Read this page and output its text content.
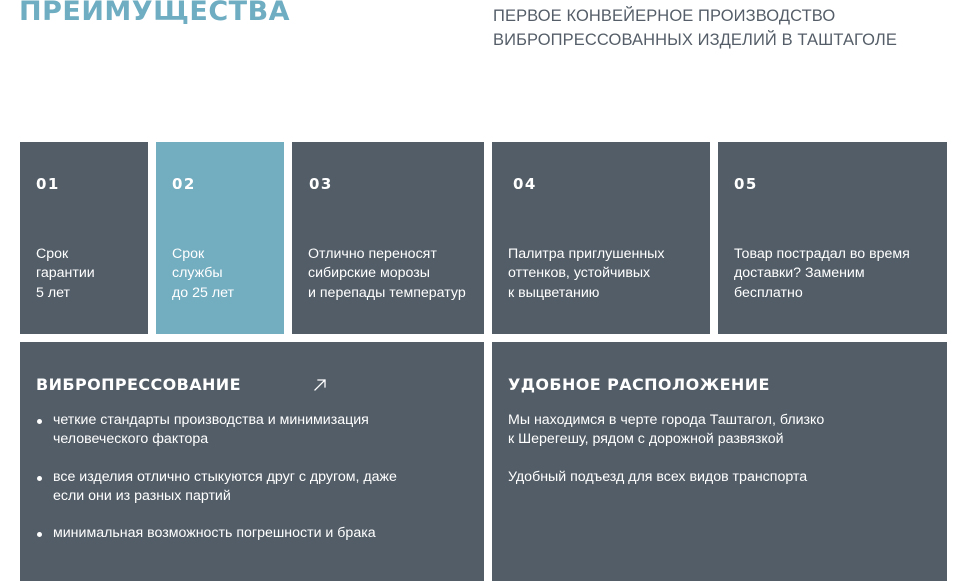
ПРЕИМУЩЕСТВА	ПЕРВОЕ КОНВЕЙЕРНОЕ ПРОИЗВОДСТВО ВИБРОПРЕССОВАННЫХ ИЗДЕЛИЙ В ТАШТАГОЛЕ
01
Срок
гарантии
5 лет
02
Срок
службы
до 25 лет
03
Отлично переносят
сибирские морозы
и перепады температур
04
Палитра приглушенных
оттенков, устойчивых
к выцветанию
05
Товар пострадал во время
доставки? Заменим
бесплатно
ВИБРОПРЕССОВАНИЕ
четкие стандарты производства и минимизация
человеческого фактора
все изделия отлично стыкуются друг с другом, даже
если они из разных партий
минимальная возможность погрешности и брака
УДОБНОЕ РАСПОЛОЖЕНИЕ
Мы находимся в черте города Таштагол, близко
к Шерегешу, рядом с дорожной развязкой
Удобный подъезд для всех видов транспорта
